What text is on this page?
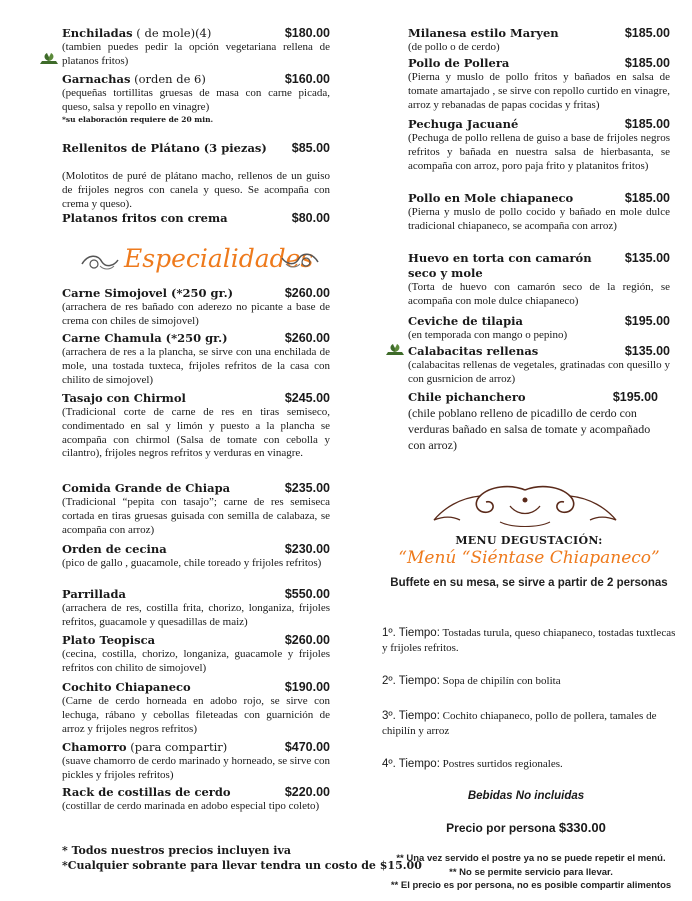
Enchiladas ( de mole)(4)	$180.00
(tambien puedes pedir la opción vegetariana rellena de platanos fritos)
Garnachas (orden de 6)	$160.00
(pequeñas tortillitas gruesas de masa con carne picada, queso, salsa y repollo en vinagre)
*su elaboración requiere de 20 min.
Rellenitos de Plátano (3 piezas) $85.00
(Molotitos de puré de plátano macho, rellenos de un guiso de frijoles negros con canela y queso. Se acompaña con crema y queso).
Platanos fritos con crema	$80.00
Especialidades
Carne Simojovel (*250 gr.)	$260.00
(arrachera de res bañado con aderezo no picante a base de crema con chiles de simojovel)
Carne Chamula (*250 gr.)	$260.00
(arrachera de res a la plancha, se sirve con una enchilada de mole, una tostada tuxteca, frijoles refritos de la casa con chilito de simojovel)
Tasajo con Chirmol	$245.00
(Tradicional corte de carne de res en tiras semiseco, condimentado en sal y limón y puesto a la plancha se acompaña con chirmol (Salsa de tomate con cebolla y cilantro), frijoles negros refritos y verduras en vinagre.
Comida Grande de Chiapa	$235.00
(Tradicional “pepita con tasajo”; carne de res semiseca cortada en tiras gruesas guisada con semilla de calabaza, se acompaña con arroz)
Orden de cecina	$230.00
(pico de gallo , guacamole, chile toreado y frijoles refritos)
Parrillada	$550.00
(arrachera de res, costilla frita, chorizo, longaniza, frijoles refritos, guacamole y quesadillas de maiz)
Plato Teopisca	$260.00
(cecina, costilla, chorizo, longaniza, guacamole y frijoles refritos con chilito de simojovel)
Cochito Chiapaneco	$190.00
(Carne de cerdo horneada en adobo rojo, se sirve con lechuga, rábano y cebollas fileteadas con guarnición de arroz y frijoles negros refritos)
Chamorro (para compartir)	$470.00
(suave chamorro de cerdo marinado y horneado, se sirve con pickles y frijoles refritos)
Rack de costillas de cerdo	$220.00
(costillar de cerdo marinada en adobo especial tipo coleto)
* Todos nuestros precios incluyen iva
*Cualquier sobrante para llevar tendra un costo de $15.00
Milanesa estilo Maryen	$185.00
(de pollo o de cerdo)
Pollo de Pollera	$185.00
(Pierna y muslo de pollo fritos y bañados en salsa de tomate amartajado , se sirve con repollo curtido en vinagre, arroz y rebanadas de papas cocidas y fritas)
Pechuga Jacuané	$185.00
(Pechuga de pollo rellena de guiso a base de frijoles negros refritos y bañada en nuestra salsa de hierbasanta, se acompaña con arroz, poro paja frito y platanitos fritos)
Pollo en Mole chiapaneco	$185.00
(Pierna y muslo de pollo cocido y bañado en mole dulce tradicional chiapaneco, se acompaña con arroz)
Huevo en torta con camarón seco y mole
$135.00
(Torta de huevo con camarón seco de la región, se acompaña con mole dulce chiapaneco)
Ceviche de tilapia	$195.00
(en temporada con mango o pepino)
Calabacitas rellenas	$135.00
(calabacitas rellenas de vegetales, gratinadas con quesillo y con gusrnicion de arroz)
Chile pichanchero	$195.00
(chile poblano relleno de picadillo de cerdo con verduras bañado en salsa de tomate y acompañado con arroz)
MENU DEGUSTACIÓN:
“Menú “Siéntase Chiapaneco”
Buffete en su mesa, se sirve a partir de 2 personas
1º. Tiempo: Tostadas turula, queso chiapaneco, tostadas tuxtlecas y frijoles refritos.
2º. Tiempo: Sopa de chipilín con bolita
3º. Tiempo: Cochito chiapaneco, pollo de pollera, tamales de chipilín y arroz
4º. Tiempo: Postres surtidos regionales.
Bebidas No incluidas
Precio por persona $330.00
** Una vez servido el postre ya no se puede repetir el menú.
** No se permite servicio para llevar.
** El precio es por persona, no es posible compartir alimentos
